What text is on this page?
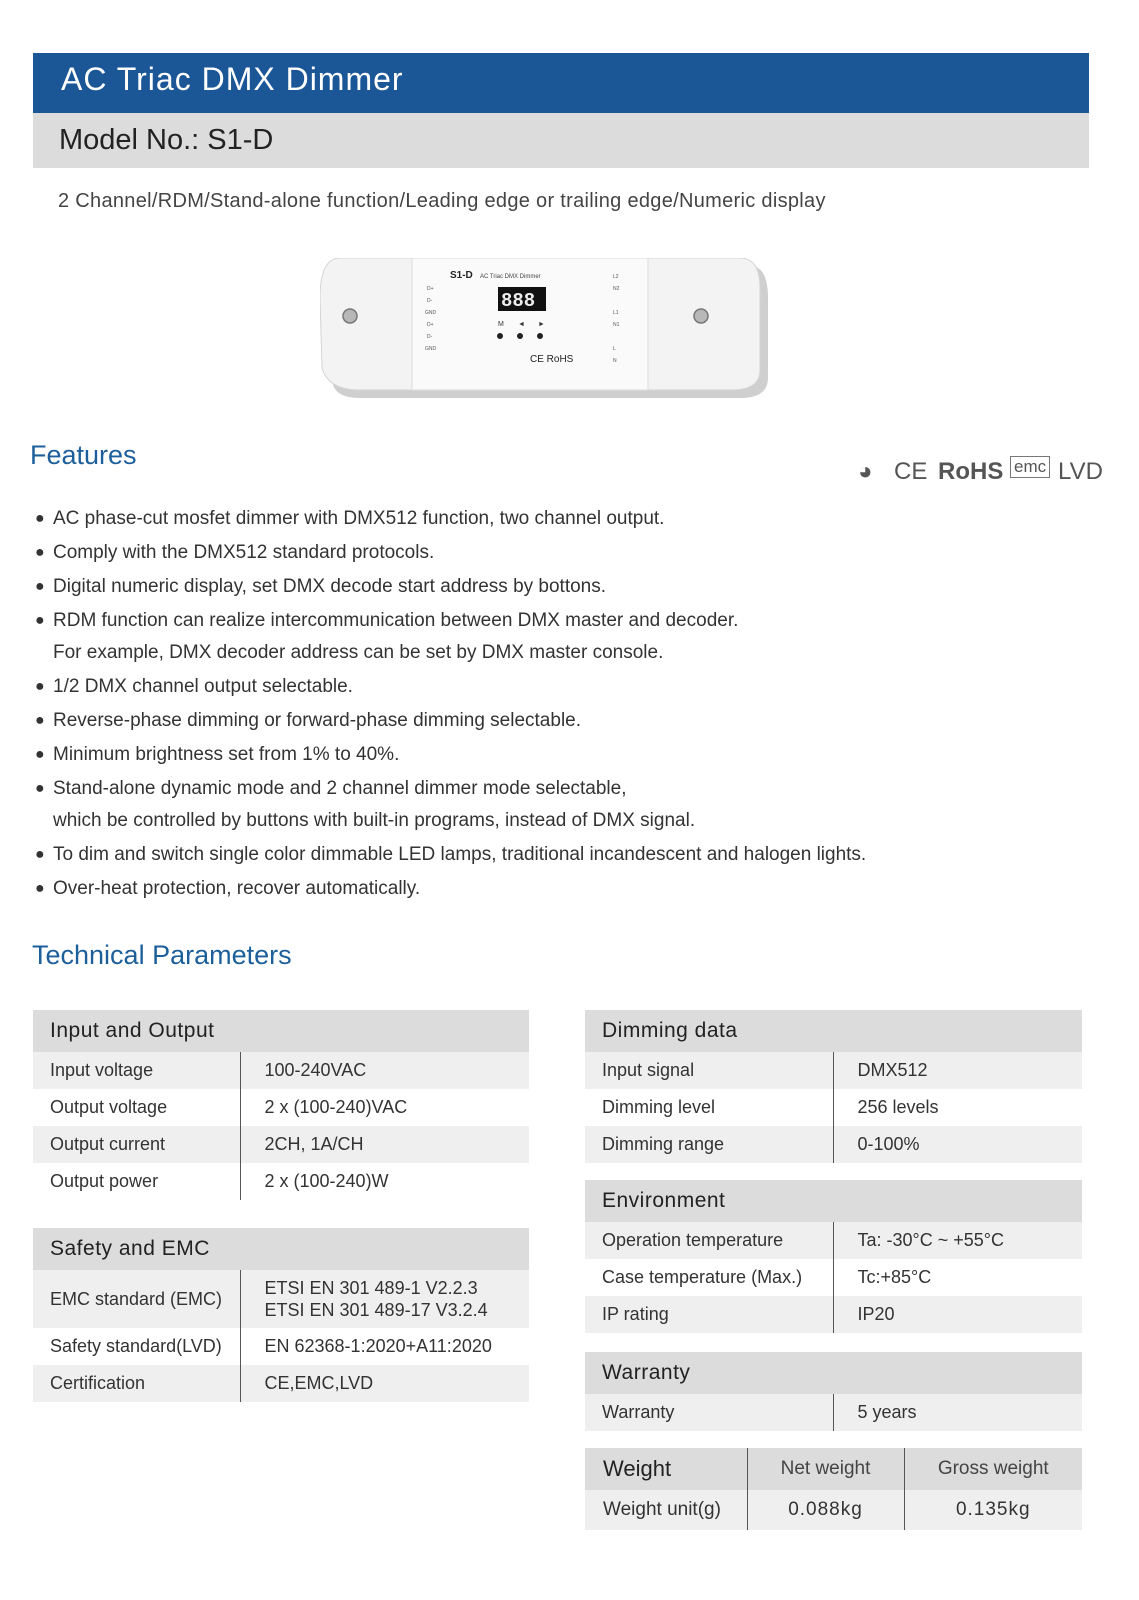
AC Triac DMX Dimmer
Model No.: S1-D
2 Channel/RDM/Stand-alone function/Leading edge or trailing edge/Numeric display
S1-D AC Triac DMX Dimmer
888
M ◄ ►
CE RoHS
D+
D-
GND
D+
D-
GND
L2
N2
L1
N1
L
N
Features
◕ CE RoHS emc LVD
● AC phase-cut mosfet dimmer with DMX512 function, two channel output.
● Comply with the DMX512 standard protocols.
● Digital numeric display, set DMX decode start address by bottons.
● RDM function can realize intercommunication between DMX master and decoder.
For example, DMX decoder address can be set by DMX master console.
● 1/2 DMX channel output selectable.
● Reverse-phase dimming or forward-phase dimming selectable.
● Minimum brightness set from 1% to 40%.
● Stand-alone dynamic mode and 2 channel dimmer mode selectable,
which be controlled by buttons with built-in programs, instead of DMX signal.
● To dim and switch single color dimmable LED lamps, traditional incandescent and halogen lights.
● Over-heat protection, recover automatically.
Technical Parameters
Input and Output	
Input voltage	100-240VAC
Output voltage	2 x (100-240)VAC
Output current	2CH, 1A/CH
Output power	2 x (100-240)W
Safety and EMC	
EMC standard (EMC)	ETSI EN 301 489-1 V2.2.3
ETSI EN 301 489-17 V3.2.4

Safety standard(LVD)	EN 62368-1:2020+A11:2020
Certification	CE,EMC,LVD
Dimming data	
Input signal	DMX512
Dimming level	256 levels
Dimming range	0-100%
Environment	
Operation temperature	Ta: -30°C ~ +55°C
Case temperature (Max.)	Tc:+85°C
IP rating	IP20
Warranty
Warranty	5 years
Weight	Net weight	Gross weight
Weight unit(g)	0.088kg	0.135kg
